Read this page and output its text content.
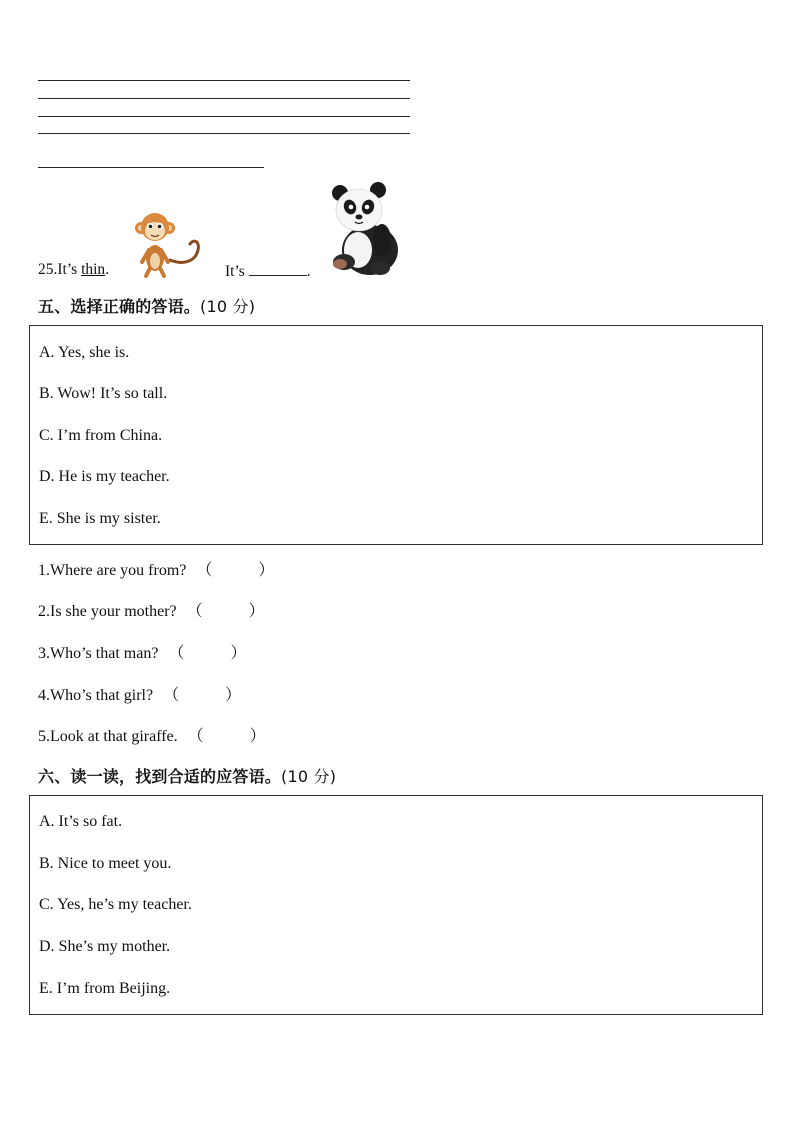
25.It’s thin.	It’s	.
五、选择正确的答语。(10 分)
A. Yes, she is.
B. Wow! It’s so tall.
C. I’m from China.
D. He is my teacher.
E. She is my sister.
1.Where are you from? （	）
2.Is she your mother? （	）
3.Who’s that man? （	）
4.Who’s that girl? （	）
5.Look at that giraffe. （	）
六、读一读，找到合适的应答语。(10 分)
A. It’s so fat.
B. Nice to meet you.
C. Yes, he’s my teacher.
D. She’s my mother.
E. I’m from Beijing.
